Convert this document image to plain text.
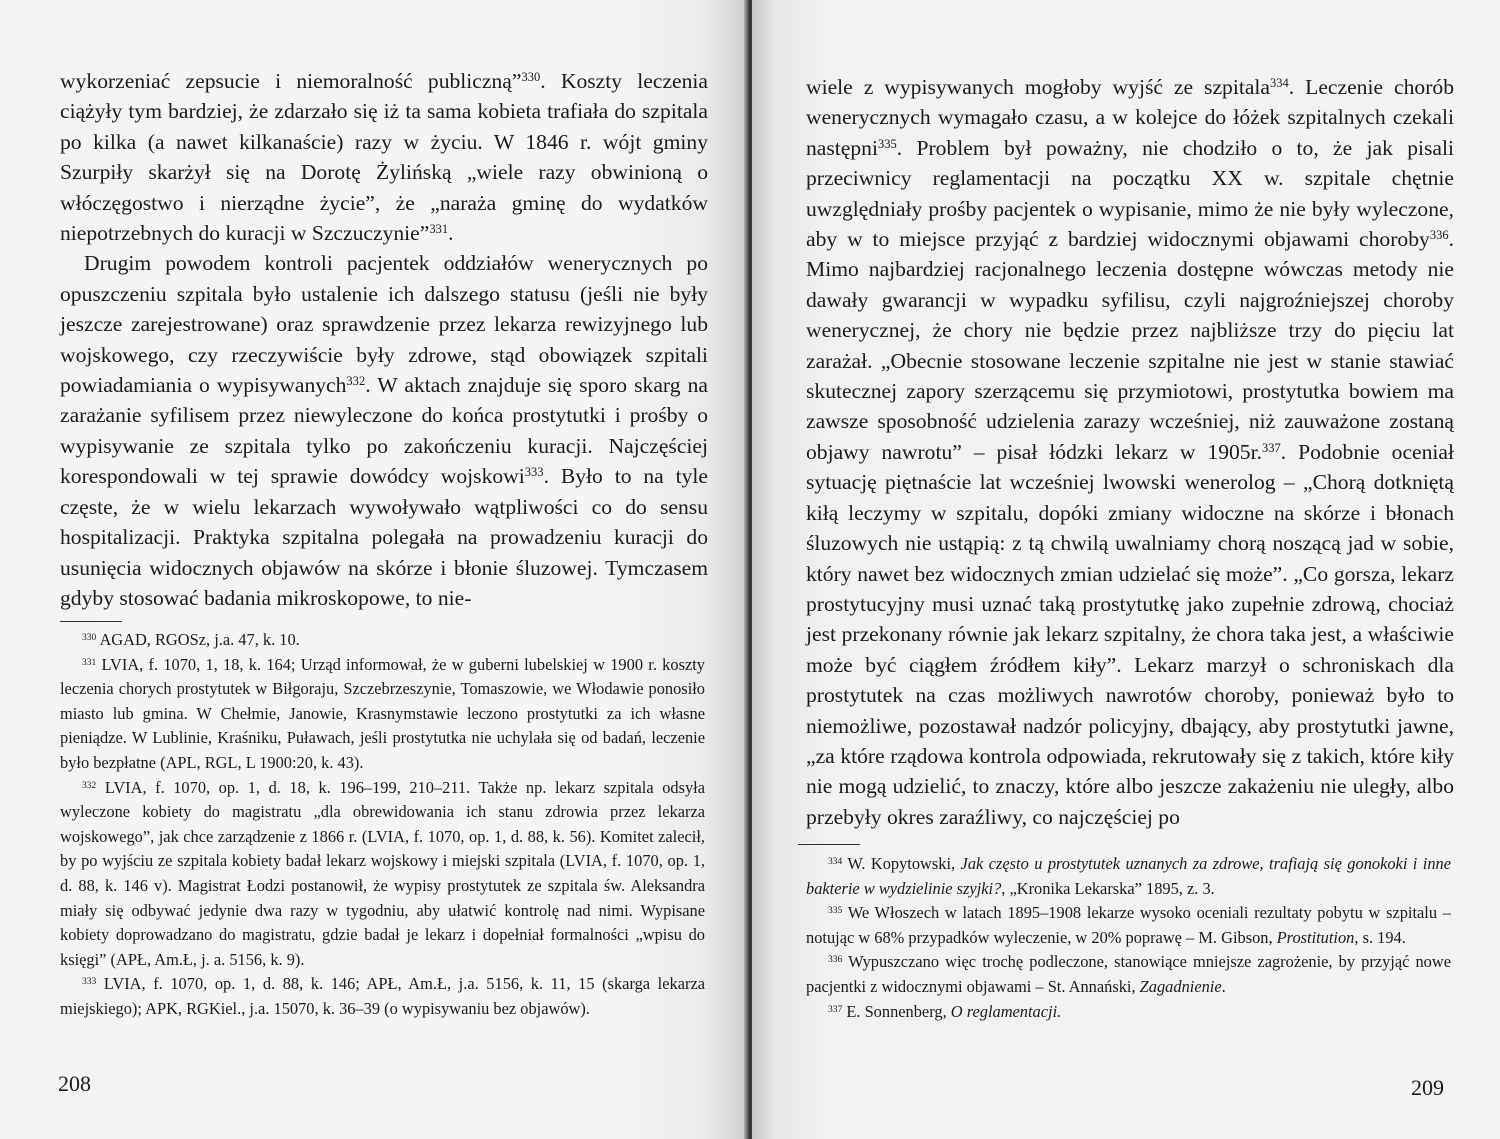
wykorzeniać zepsucie i niemoralność publiczną”$^{330}$. Koszty leczenia ciążyły tym bardziej, że zdarzało się iż ta sama kobieta trafiała do szpitala po kilka (a nawet kilkanaście) razy w życiu. W 1846 r. wójt gminy Szurpiły skarżył się na Dorotę Żylińską „wiele razy obwinioną o włóczęgostwo i nierządne życie”, że „naraża gminę do wydatków niepotrzebnych do kuracji w Szczuczynie”$^{331}$.

Drugim powodem kontroli pacjentek oddziałów wenerycznych po opuszczeniu szpitala było ustalenie ich dalszego statusu (jeśli nie były jeszcze zarejestrowane) oraz sprawdzenie przez lekarza rewizyjnego lub wojskowego, czy rzeczywiście były zdrowe, stąd obowiązek szpitali powiadamiania o wypisywanych$^{332}$. W aktach znajduje się sporo skarg na zarażanie syfilisem przez niewyleczone do końca prostytutki i prośby o wypisywanie ze szpitala tylko po zakończeniu kuracji. Najczęściej korespondowali w tej sprawie dowódcy wojskowi$^{333}$. Było to na tyle częste, że w wielu lekarzach wywoływało wątpliwości co do sensu hospitalizacji. Praktyka szpitalna polegała na prowadzeniu kuracji do usunięcia widocznych objawów na skórze i błonie śluzowej. Tymczasem gdyby stosować badania mikroskopowe, to nie-

$^{330}$ AGAD, RGOSz, j.a. 47, k. 10.

$^{331}$ LVIA, f. 1070, 1, 18, k. 164; Urząd informował, że w guberni lubelskiej w 1900 r. koszty leczenia chorych prostytutek w Biłgoraju, Szczebrzeszynie, Tomaszowie, we Włodawie ponosiło miasto lub gmina. W Chełmie, Janowie, Krasnymstawie leczono prostytutki za ich własne pieniądze. W Lublinie, Kraśniku, Puławach, jeśli prostytutka nie uchylała się od badań, leczenie było bezpłatne (APL, RGL, L 1900:20, k. 43).

$^{332}$ LVIA, f. 1070, op. 1, d. 18, k. 196–199, 210–211. Także np. lekarz szpitala odsyła wyleczone kobiety do magistratu „dla obrewidowania ich stanu zdrowia przez lekarza wojskowego”, jak chce zarządzenie z 1866 r. (LVIA, f. 1070, op. 1, d. 88, k. 56). Komitet zalecił, by po wyjściu ze szpitala kobiety badał lekarz wojskowy i miejski szpitala (LVIA, f. 1070, op. 1, d. 88, k. 146 v). Magistrat Łodzi postanowił, że wypisy prostytutek ze szpitala św. Aleksandra miały się odbywać jedynie dwa razy w tygodniu, aby ułatwić kontrolę nad nimi. Wypisane kobiety doprowadzano do magistratu, gdzie badał je lekarz i dopełniał formalności „wpisu do księgi” (APŁ, Am.Ł, j. a. 5156, k. 9).

$^{333}$ LVIA, f. 1070, op. 1, d. 88, k. 146; APŁ, Am.Ł, j.a. 5156, k. 11, 15 (skarga lekarza miejskiego); APK, RGKiel., j.a. 15070, k. 36–39 (o wypisywaniu bez objawów).

208

wiele z wypisywanych mogłoby wyjść ze szpitala$^{334}$. Leczenie chorób wenerycznych wymagało czasu, a w kolejce do łóżek szpitalnych czekali następni$^{335}$. Problem był poważny, nie chodziło o to, że jak pisali przeciwnicy reglamentacji na początku XX w. szpitale chętnie uwzględniały prośby pacjentek o wypisanie, mimo że nie były wyleczone, aby w to miejsce przyjąć z bardziej widocznymi objawami choroby$^{336}$. Mimo najbardziej racjonalnego leczenia dostępne wówczas metody nie dawały gwarancji w wypadku syfilisu, czyli najgroźniejszej choroby wenerycznej, że chory nie będzie przez najbliższe trzy do pięciu lat zarażał. „Obecnie stosowane leczenie szpitalne nie jest w stanie stawiać skutecznej zapory szerzącemu się przymiotowi, prostytutka bowiem ma zawsze sposobność udzielenia zarazy wcześniej, niż zauważone zostaną objawy nawrotu” – pisał łódzki lekarz w 1905r.$^{337}$. Podobnie oceniał sytuację piętnaście lat wcześniej lwowski wenerolog – „Chorą dotkniętą kiłą leczymy w szpitalu, dopóki zmiany widoczne na skórze i błonach śluzowych nie ustąpią: z tą chwilą uwalniamy chorą noszącą jad w sobie, który nawet bez widocznych zmian udzielać się może”. „Co gorsza, lekarz prostytucyjny musi uznać taką prostytutkę jako zupełnie zdrową, chociaż jest przekonany równie jak lekarz szpitalny, że chora taka jest, a właściwie może być ciągłem źródłem kiły”. Lekarz marzył o schroniskach dla prostytutek na czas możliwych nawrotów choroby, ponieważ było to niemożliwe, pozostawał nadzór policyjny, dbający, aby prostytutki jawne, „za które rządowa kontrola odpowiada, rekrutowały się z takich, które kiły nie mogą udzielić, to znaczy, które albo jeszcze zakażeniu nie uległy, albo przebyły okres zaraźliwy, co najczęściej po

$^{334}$ W. Kopytowski, Jak często u prostytutek uznanych za zdrowe, trafiają się gonokoki i inne bakterie w wydzielinie szyjki?, „Kronika Lekarska” 1895, z. 3.

$^{335}$ We Włoszech w latach 1895–1908 lekarze wysoko oceniali rezultaty pobytu w szpitalu – notując w 68% przypadków wyleczenie, w 20% poprawę – M. Gibson, Prostitution, s. 194.

$^{336}$ Wypuszczano więc trochę podleczone, stanowiące mniejsze zagrożenie, by przyjąć nowe pacjentki z widocznymi objawami – St. Annański, Zagadnienie.

$^{337}$ E. Sonnenberg, O reglamentacji.

209
